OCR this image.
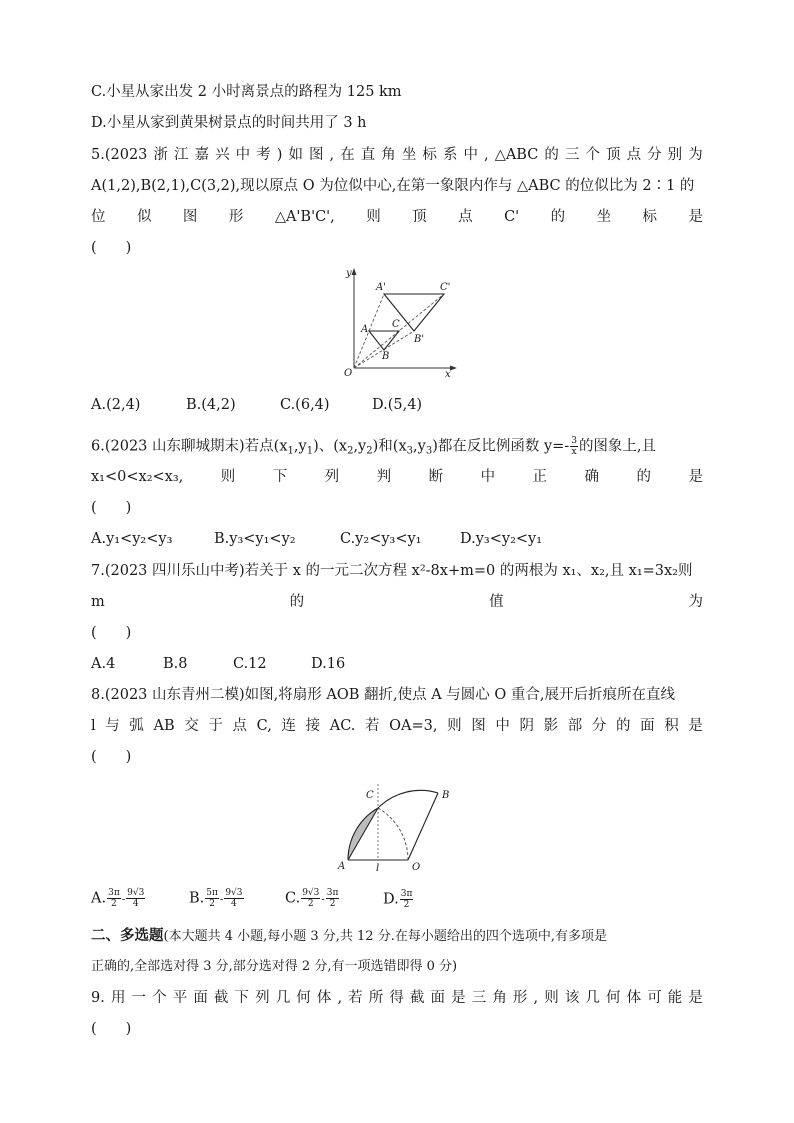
C.小星从家出发 2 小时离景点的路程为 125 km
D.小星从家到黄果树景点的时间共用了 3 h
5.(2023 浙 江 嘉 兴 中 考 ) 如 图 , 在 直 角 坐 标 系 中 , △ABC 的 三 个 顶 点 分 别 为
A(1,2),B(2,1),C(3,2),现以原点 O 为位似中心,在第一象限内作与 △ABC 的位似比为 2∶1 的
位 似 图 形 △A'B'C', 则 顶 点 C' 的 坐 标 是
(　　)
y
x
O
A
B
C
A'
B'
C'
A.(2,4)	B.(4,2)	C.(6,4)	D.(5,4)
6.(2023 山东聊城期末)若点$(x_1,y_1)$、$(x_2,y_2)$和$(x_3,y_3)$都在反比例函数 $y=- \frac{3}{x}$ 的图象上,且
x₁<0<x₂<x₃,	则	下	列	判	断	中	正	确	的	是
(　　)
A.y₁<y₂<y₃	B.y₃<y₁<y₂	C.y₂<y₃<y₁	D.y₃<y₂<y₁
7.(2023 四川乐山中考)若关于 x 的一元二次方程 x²-8x+m=0 的两根为 x₁、x₂,且 x₁=3x₂则
m	的	值	为
(　　)
A.4	B.8	C.12	D.16
8.(2023 山东青州二模)如图,将扇形 AOB 翻折,使点 A 与圆心 O 重合,展开后折痕所在直线
l 与 弧 AB 交 于 点 C, 连 接 AC. 若 OA=3, 则 图 中 阴 影 部 分 的 面 积 是
(　　)
A
B
C
O
l
A. $\frac{3\pi}{2} - \frac{9√3}{4}$	B. $\frac{5\pi}{2} - \frac{9√3}{4}$	C. $\frac{9√3}{2} - \frac{3\pi}{2}$	D. $\frac{3\pi}{2}$
二、多选题(本大题共 4 小题,每小题 3 分,共 12 分.在每小题给出的四个选项中,有多项是
正确的,全部选对得 3 分,部分选对得 2 分,有一项选错即得 0 分)
9. 用 一 个 平 面 截 下 列 几 何 体 , 若 所 得 截 面 是 三 角 形 , 则 该 几 何 体 可 能 是
(　　)
